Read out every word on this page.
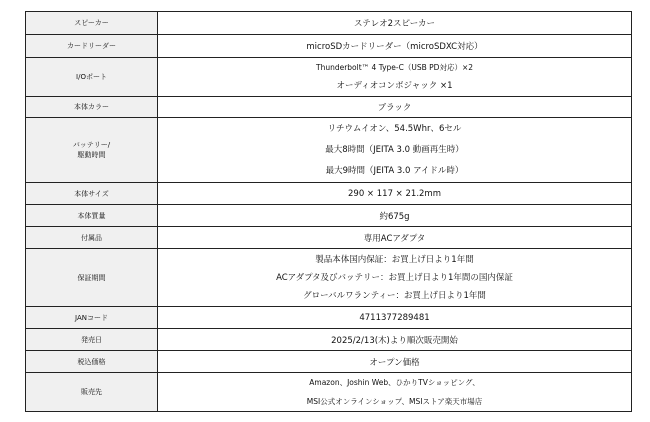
スピーカー	ステレオ2スピーカー

カードリーダー	microSDカードリーダー（microSDXC対応）

I/Oポート	Thunderbolt™ 4 Type-C（USB PD対応）×2
オーディオコンボジャック ×1

本体カラー	ブラック

バッテリー/
駆動時間	リチウムイオン、54.5Whr、6セル
最大8時間（JEITA 3.0 動画再生時）
最大9時間（JEITA 3.0 アイドル時）

本体サイズ	290 × 117 × 21.2mm

本体質量	約675g

付属品	専用ACアダプタ

保証期間	製品本体国内保証：お買上げ日より1年間
ACアダプタ及びバッテリー：お買上げ日より1年間の国内保証
グローバルワランティー：お買上げ日より1年間

JANコード	4711377289481

発売日	2025/2/13(木)より順次販売開始

税込価格	オープン価格

販売先	Amazon、Joshin Web、ひかりTVショッピング、
MSI公式オンラインショップ、MSIストア楽天市場店
